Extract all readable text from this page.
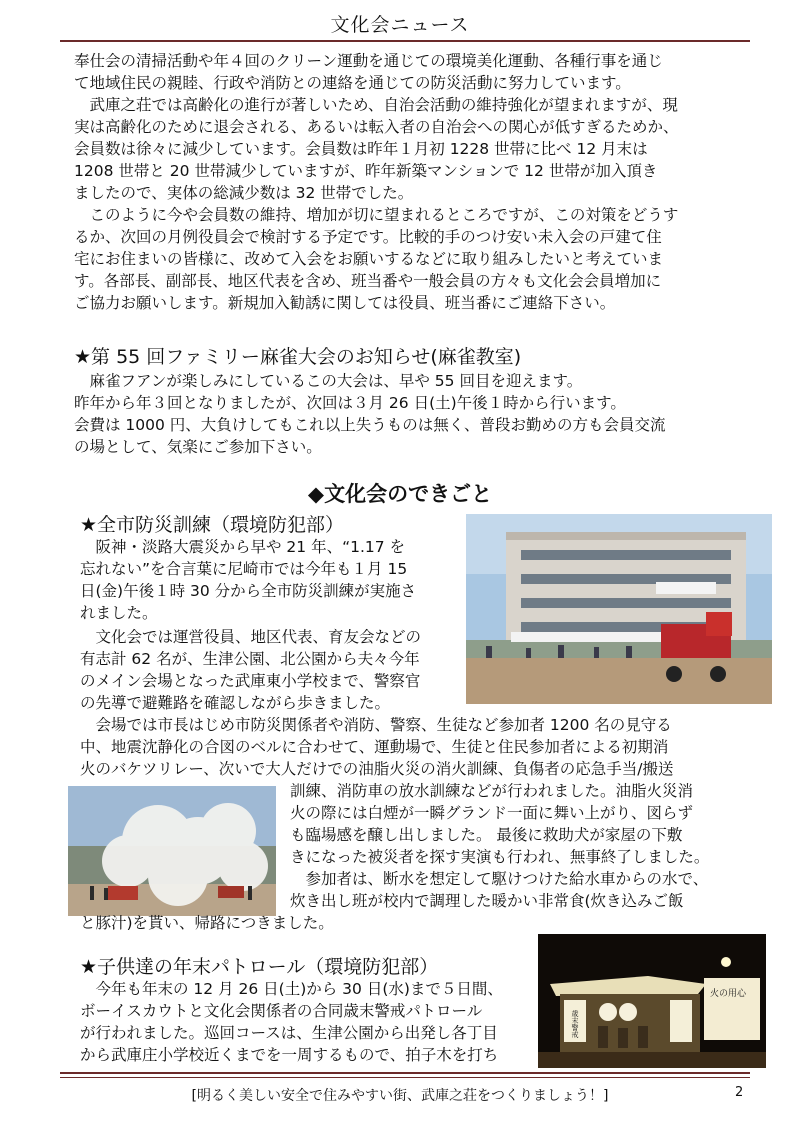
文化会ニュース
奉仕会の清掃活動や年４回のクリーン運動を通じての環境美化運動、各種行事を通じ
て地域住民の親睦、行政や消防との連絡を通じての防災活動に努力しています。
　武庫之荘では高齢化の進行が著しいため、自治会活動の維持強化が望まれますが、現
実は高齢化のために退会される、あるいは転入者の自治会への関心が低すぎるためか、
会員数は徐々に減少しています。会員数は昨年１月初 1228 世帯に比べ 12 月末は
1208 世帯と 20 世帯減少していますが、昨年新築マンションで 12 世帯が加入頂き
ましたので、実体の総減少数は 32 世帯でした。
　このように今や会員数の維持、増加が切に望まれるところですが、この対策をどうす
るか、次回の月例役員会で検討する予定です。比較的手のつけ安い未入会の戸建て住
宅にお住まいの皆様に、改めて入会をお願いするなどに取り組みしたいと考えていま
す。各部長、副部長、地区代表を含め、班当番や一般会員の方々も文化会会員増加に
ご協力お願いします。新規加入勧誘に関しては役員、班当番にご連絡下さい。
★第 55 回ファミリー麻雀大会のお知らせ(麻雀教室)
　麻雀フアンが楽しみにしているこの大会は、早や 55 回目を迎えます。
昨年から年３回となりましたが、次回は３月 26 日(土)午後１時から行います。
会費は 1000 円、大負けしてもこれ以上失うものは無く、普段お勤めの方も会員交流
の場として、気楽にご参加下さい。
◆文化会のできごと
★全市防災訓練（環境防犯部）
　阪神・淡路大震災から早や 21 年、“1.17 を
忘れない”を合言葉に尼崎市では今年も１月 15
日(金)午後１時 30 分から全市防災訓練が実施さ
れました。
　文化会では運営役員、地区代表、育友会などの
有志計 62 名が、生津公園、北公園から夫々今年
のメイン会場となった武庫東小学校まで、警察官
の先導で避難路を確認しながら歩きました。
　会場では市長はじめ市防災関係者や消防、警察、生徒など参加者 1200 名の見守る
中、地震沈静化の合図のベルに合わせて、運動場で、生徒と住民参加者による初期消
火のバケツリレー、次いで大人だけでの油脂火災の消火訓練、負傷者の応急手当/搬送
訓練、消防車の放水訓練などが行われました。油脂火災消
火の際には白煙が一瞬グランド一面に舞い上がり、図らず
も臨場感を醸し出しました。 最後に救助犬が家屋の下敷
きになった被災者を探す実演も行われ、無事終了しました。
　参加者は、断水を想定して駆けつけた給水車からの水で、
炊き出し班が校内で調理した暖かい非常食(炊き込みご飯
と豚汁)を貰い、帰路につきました。
★子供達の年末パトロール（環境防犯部）
　今年も年末の 12 月 26 日(土)から 30 日(水)まで５日間、
ボーイスカウトと文化会関係者の合同歳末警戒パトロール
が行われました。巡回コースは、生津公園から出発し各丁目
から武庫庄小学校近くまでを一周するもので、拍子木を打ち
歳末警戒
火の用心
[明るく美しい安全で住みやすい街、武庫之荘をつくりましょう！]	2
